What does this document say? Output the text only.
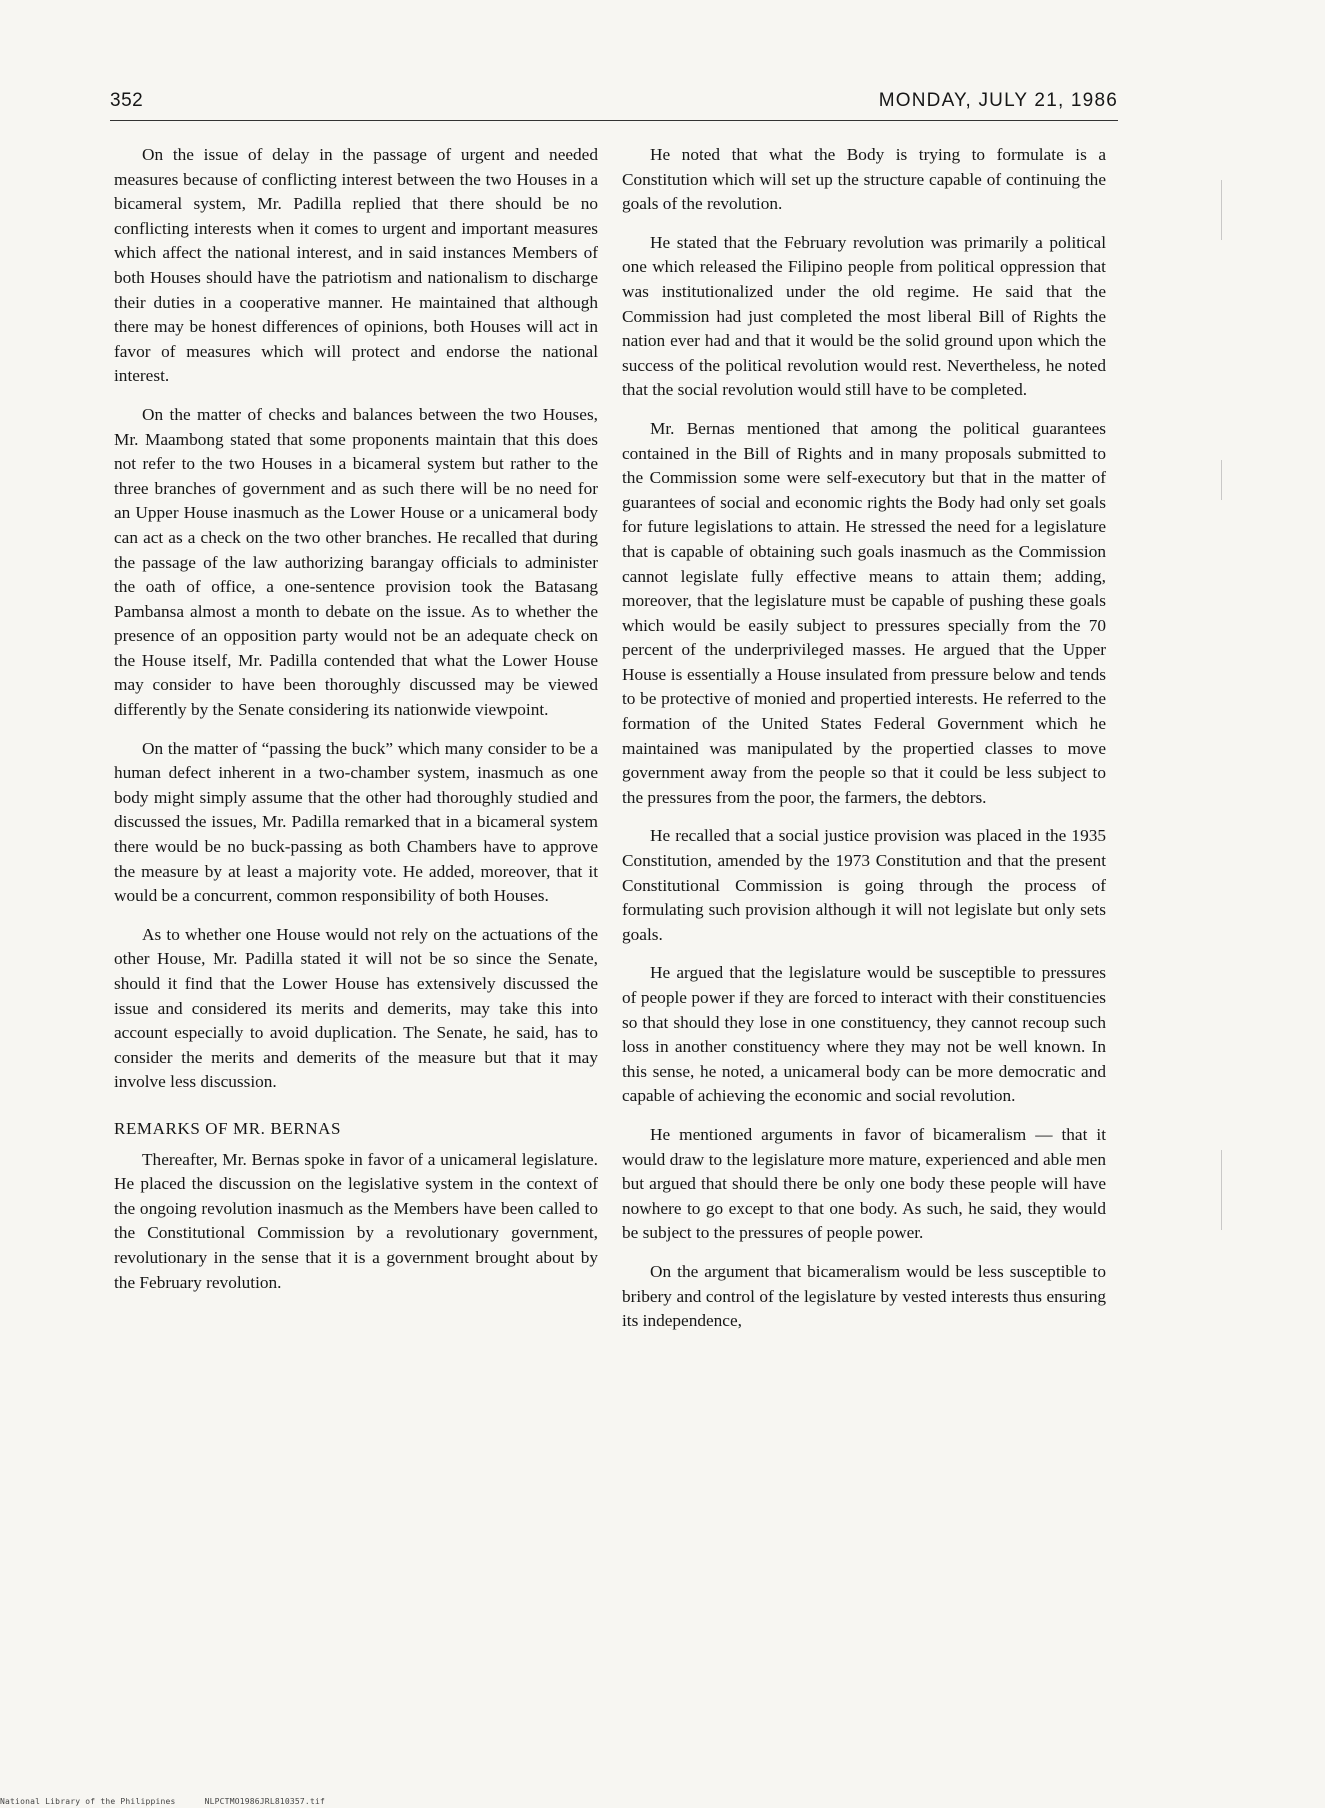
352	MONDAY, JULY 21, 1986

On the issue of delay in the passage of urgent and needed measures because of conflicting interest between the two Houses in a bicameral system, Mr. Padilla replied that there should be no conflicting interests when it comes to urgent and important measures which affect the national interest, and in said instances Members of both Houses should have the patriotism and nationalism to discharge their duties in a cooperative manner. He maintained that although there may be honest differences of opinions, both Houses will act in favor of measures which will protect and endorse the national interest.

On the matter of checks and balances between the two Houses, Mr. Maambong stated that some proponents maintain that this does not refer to the two Houses in a bicameral system but rather to the three branches of government and as such there will be no need for an Upper House inasmuch as the Lower House or a unicameral body can act as a check on the two other branches. He recalled that during the passage of the law authorizing barangay officials to administer the oath of office, a one-sentence provision took the Batasang Pambansa almost a month to debate on the issue. As to whether the presence of an opposition party would not be an adequate check on the House itself, Mr. Padilla contended that what the Lower House may consider to have been thoroughly discussed may be viewed differently by the Senate considering its nationwide viewpoint.

On the matter of “passing the buck” which many consider to be a human defect inherent in a two-chamber system, inasmuch as one body might simply assume that the other had thoroughly studied and discussed the issues, Mr. Padilla remarked that in a bicameral system there would be no buck-passing as both Chambers have to approve the measure by at least a majority vote. He added, moreover, that it would be a concurrent, common responsibility of both Houses.

As to whether one House would not rely on the actuations of the other House, Mr. Padilla stated it will not be so since the Senate, should it find that the Lower House has extensively discussed the issue and considered its merits and demerits, may take this into account especially to avoid duplication. The Senate, he said, has to consider the merits and demerits of the measure but that it may involve less discussion.

REMARKS OF MR. BERNAS

Thereafter, Mr. Bernas spoke in favor of a unicameral legislature. He placed the discussion on the legislative system in the context of the ongoing revolution inasmuch as the Members have been called to the Constitutional Commission by a revolutionary government, revolutionary in the sense that it is a government brought about by the February revolution.

He noted that what the Body is trying to formulate is a Constitution which will set up the structure capable of continuing the goals of the revolution.

He stated that the February revolution was primarily a political one which released the Filipino people from political oppression that was institutionalized under the old regime. He said that the Commission had just completed the most liberal Bill of Rights the nation ever had and that it would be the solid ground upon which the success of the political revolution would rest. Nevertheless, he noted that the social revolution would still have to be completed.

Mr. Bernas mentioned that among the political guarantees contained in the Bill of Rights and in many proposals submitted to the Commission some were self-executory but that in the matter of guarantees of social and economic rights the Body had only set goals for future legislations to attain. He stressed the need for a legislature that is capable of obtaining such goals inasmuch as the Commission cannot legislate fully effective means to attain them; adding, moreover, that the legislature must be capable of pushing these goals which would be easily subject to pressures specially from the 70 percent of the underprivileged masses. He argued that the Upper House is essentially a House insulated from pressure below and tends to be protective of monied and propertied interests. He referred to the formation of the United States Federal Government which he maintained was manipulated by the propertied classes to move government away from the people so that it could be less subject to the pressures from the poor, the farmers, the debtors.

He recalled that a social justice provision was placed in the 1935 Constitution, amended by the 1973 Constitution and that the present Constitutional Commission is going through the process of formulating such provision although it will not legislate but only sets goals.

He argued that the legislature would be susceptible to pressures of people power if they are forced to interact with their constituencies so that should they lose in one constituency, they cannot recoup such loss in another constituency where they may not be well known. In this sense, he noted, a unicameral body can be more democratic and capable of achieving the economic and social revolution.

He mentioned arguments in favor of bicameralism — that it would draw to the legislature more mature, experienced and able men but argued that should there be only one body these people will have nowhere to go except to that one body. As such, he said, they would be subject to the pressures of people power.

On the argument that bicameralism would be less susceptible to bribery and control of the legislature by vested interests thus ensuring its independence,

National Library of the Philippines	NLPCTMO1986JRL810357.tif
